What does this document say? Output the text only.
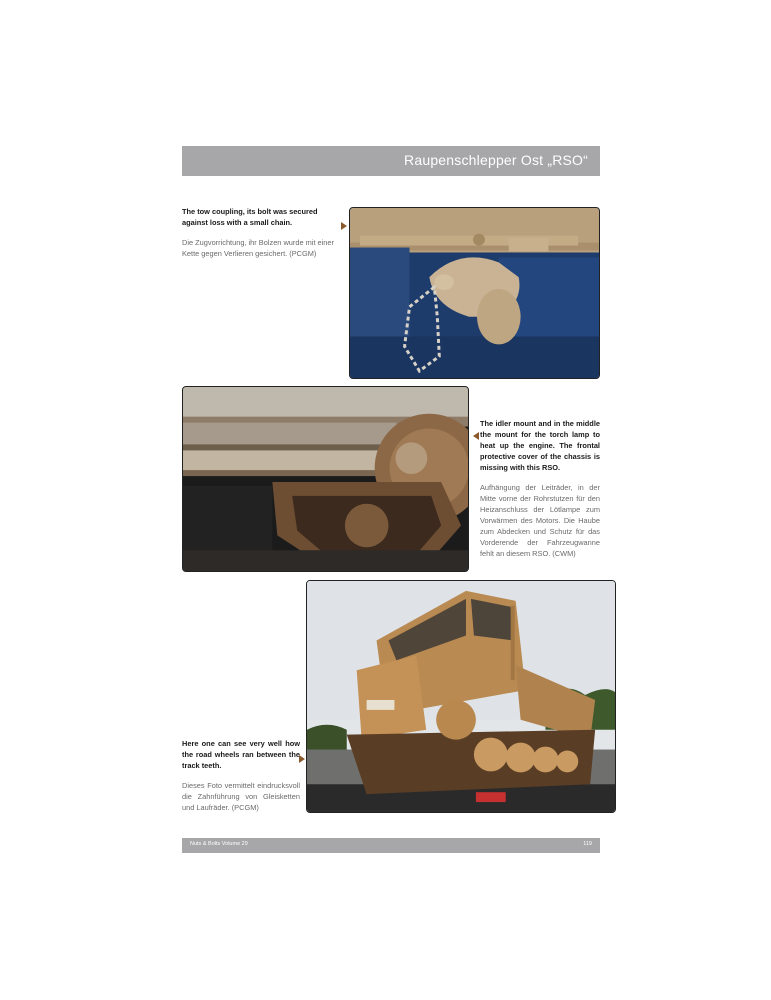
Raupenschlepper Ost „RSO“

The tow coupling, its bolt was secured against loss with a small chain.

Die Zugvorrichtung, ihr Bolzen wurde mit einer Kette gegen Verlieren gesichert. (PCGM)

The idler mount and in the middle the mount for the torch lamp to heat up the engine. The frontal protective cover of the chassis is missing with this RSO.

Aufhängung der Leiträder, in der Mitte vorne der Rohrstutzen für den Heizanschluss der Lötlampe zum Vorwärmen des Motors. Die Haube zum Abdecken und Schutz für das Vorderende der Fahrzeugwanne fehlt an diesem RSO. (CWM)

Here one can see very well how the road wheels ran between the track teeth.

Dieses Foto vermittelt eindrucksvoll die Zahnführung von Gleisketten und Laufräder. (PCGM)

Nuts & Bolts Volume 29	119
